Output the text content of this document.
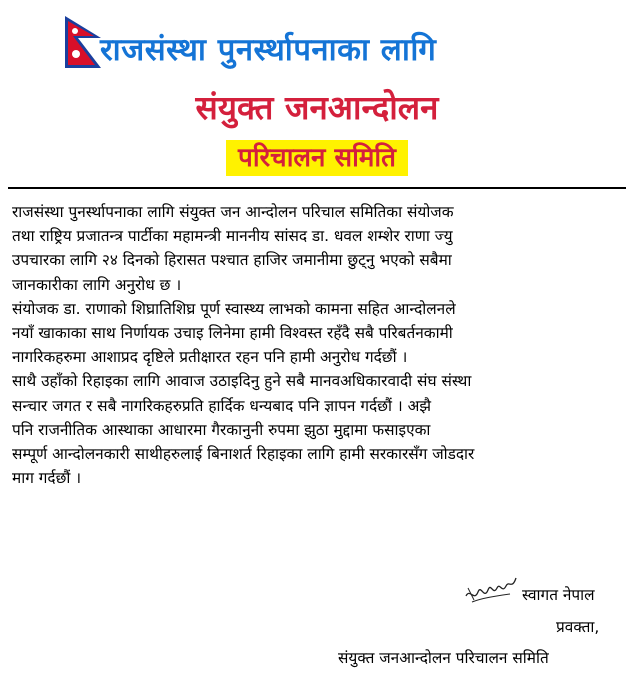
राजसंस्था पुनर्स्थापनाका लागि
संयुक्त जनआन्दोलन
परिचालन समिति
राजसंस्था पुनर्स्थापनाका लागि संयुक्त जन आन्दोलन परिचाल समितिका संयोजक
तथा राष्ट्रिय प्रजातन्त्र पार्टीका महामन्त्री माननीय सांसद डा. धवल शम्शेर राणा ज्यु
उपचारका लागि २४ दिनको हिरासत पश्चात हाजिर जमानीमा छुट्नु भएको सबैमा
जानकारीका लागि अनुरोध छ ।
संयोजक डा. राणाको शिघ्रातिशिघ्र पूर्ण स्वास्थ्य लाभको कामना सहित आन्दोलनले
नयाँ खाकाका साथ निर्णायक उचाइ लिनेमा हामी विश्वस्त रहँदै सबै परिबर्तनकामी
नागरिकहरुमा आशाप्रद दृष्टिले प्रतीक्षारत रहन पनि हामी अनुरोध गर्दछौं ।
साथै उहाँको रिहाइका लागि आवाज उठाइदिनु हुने सबै मानवअधिकारवादी संघ संस्था
सन्चार जगत र सबै नागरिकहरुप्रति हार्दिक धन्यबाद पनि ज्ञापन गर्दछौं । अझै
पनि राजनीतिक आस्थाका आधारमा गैरकानुनी रुपमा झुठा मुद्दामा फसाइएका
सम्पूर्ण आन्दोलनकारी साथीहरुलाई बिनाशर्त रिहाइका लागि हामी सरकारसँग जोडदार
माग गर्दछौं ।
स्वागत नेपाल
प्रवक्ता,
संयुक्त जनआन्दोलन परिचालन समिति
